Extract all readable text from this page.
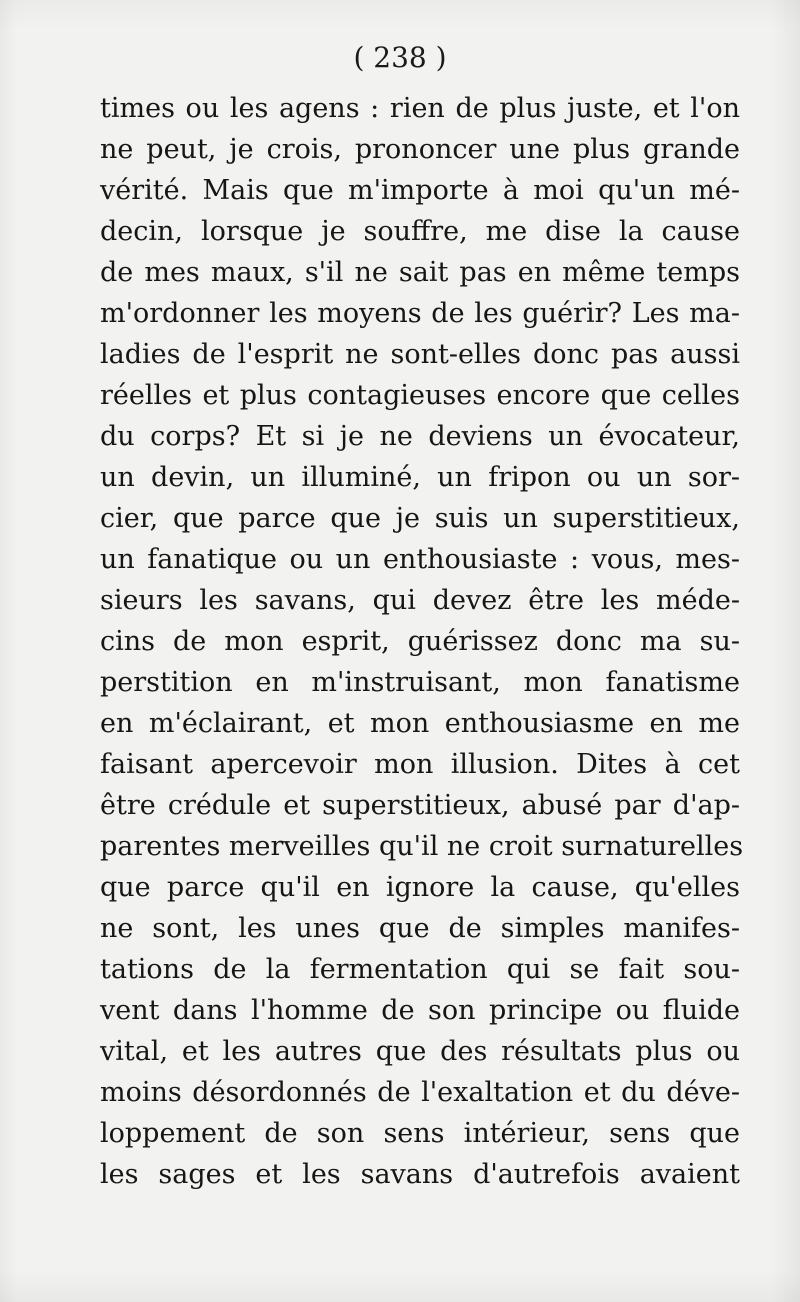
( 238 )
times ou les agens : rien de plus juste, et l'on
ne peut, je crois, prononcer une plus grande
vérité. Mais que m'importe à moi qu'un mé-
decin, lorsque je souffre, me dise la cause
de mes maux, s'il ne sait pas en même temps
m'ordonner les moyens de les guérir? Les ma-
ladies de l'esprit ne sont-elles donc pas aussi
réelles et plus contagieuses encore que celles
du corps? Et si je ne deviens un évocateur,
un devin, un illuminé, un fripon ou un sor-
cier, que parce que je suis un superstitieux,
un fanatique ou un enthousiaste : vous, mes-
sieurs les savans, qui devez être les méde-
cins de mon esprit, guérissez donc ma su-
perstition en m'instruisant, mon fanatisme
en m'éclairant, et mon enthousiasme en me
faisant apercevoir mon illusion. Dites à cet
être crédule et superstitieux, abusé par d'ap-
parentes merveilles qu'il ne croit surnaturelles
que parce qu'il en ignore la cause, qu'elles
ne sont, les unes que de simples manifes-
tations de la fermentation qui se fait sou-
vent dans l'homme de son principe ou fluide
vital, et les autres que des résultats plus ou
moins désordonnés de l'exaltation et du déve-
loppement de son sens intérieur, sens que
les sages et les savans d'autrefois avaient
